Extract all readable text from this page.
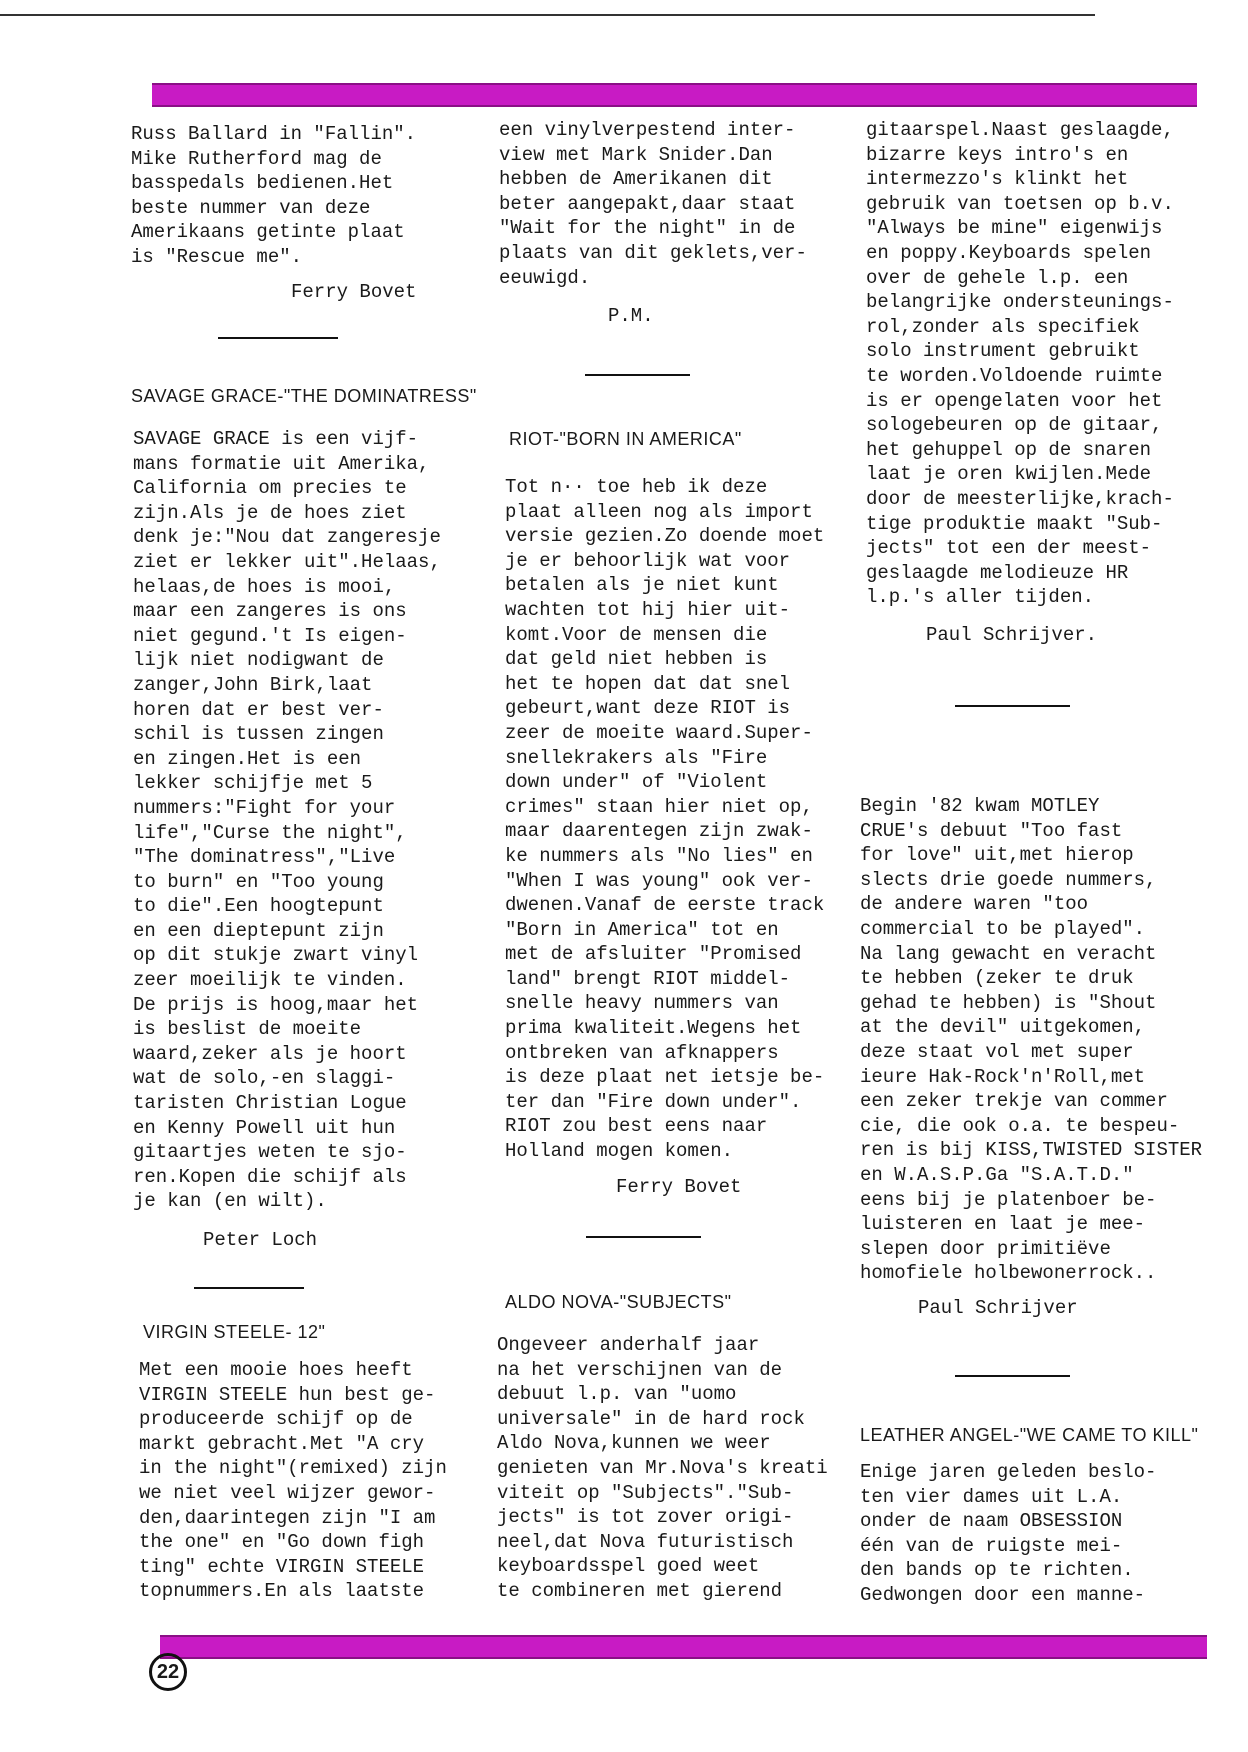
Russ Ballard in "Fallin".
Mike Rutherford mag de
basspedals bedienen.Het
beste nummer van deze
Amerikaans getinte plaat
is "Rescue me".
Ferry Bovet
SAVAGE GRACE-"THE DOMINATRESS"
SAVAGE GRACE is een vijf-
mans formatie uit Amerika,
California om precies te
zijn.Als je de hoes ziet
denk je:"Nou dat zangeresje
ziet er lekker uit".Helaas,
helaas,de hoes is mooi,
maar een zangeres is ons
niet gegund.'t Is eigen-
lijk niet nodigwant de
zanger,John Birk,laat
horen dat er best ver-
schil is tussen zingen
en zingen.Het is een
lekker schijfje met 5
nummers:"Fight for your
life","Curse the night",
"The dominatress","Live
to burn" en "Too young
to die".Een hoogtepunt
en een dieptepunt zijn
op dit stukje zwart vinyl
zeer moeilijk te vinden.
De prijs is hoog,maar het
is beslist de moeite
waard,zeker als je hoort
wat de solo,-en slaggi-
taristen Christian Logue
en Kenny Powell uit hun
gitaartjes weten te sjo-
ren.Kopen die schijf als
je kan (en wilt).
Peter Loch
VIRGIN STEELE- 12"
Met een mooie hoes heeft
VIRGIN STEELE hun best ge-
produceerde schijf op de
markt gebracht.Met "A cry
in the night"(remixed) zijn
we niet veel wijzer gewor-
den,daarintegen zijn "I am
the one" en "Go down figh
ting" echte VIRGIN STEELE
topnummers.En als laatste
een vinylverpestend inter-
view met Mark Snider.Dan
hebben de Amerikanen dit
beter aangepakt,daar staat
"Wait for the night" in de
plaats van dit geklets,ver-
eeuwigd.
P.M.
RIOT-"BORN IN AMERICA"
Tot n·· toe heb ik deze
plaat alleen nog als import
versie gezien.Zo doende moet
je er behoorlijk wat voor
betalen als je niet kunt
wachten tot hij hier uit-
komt.Voor de mensen die
dat geld niet hebben is
het te hopen dat dat snel
gebeurt,want deze RIOT is
zeer de moeite waard.Super-
snellekrakers als "Fire
down under" of "Violent
crimes" staan hier niet op,
maar daarentegen zijn zwak-
ke nummers als "No lies" en
"When I was young" ook ver-
dwenen.Vanaf de eerste track
"Born in America" tot en
met de afsluiter "Promised
land" brengt RIOT middel-
snelle heavy nummers van
prima kwaliteit.Wegens het
ontbreken van afknappers
is deze plaat net ietsje be-
ter dan "Fire down under".
RIOT zou best eens naar
Holland mogen komen.
Ferry Bovet
ALDO NOVA-"SUBJECTS"
Ongeveer anderhalf jaar
na het verschijnen van de
debuut l.p. van "uomo
universale" in de hard rock
Aldo Nova,kunnen we weer
genieten van Mr.Nova's kreati
viteit op "Subjects"."Sub-
jects" is tot zover origi-
neel,dat Nova futuristisch
keyboardsspel goed weet
te combineren met gierend
gitaarspel.Naast geslaagde,
bizarre keys intro's en
intermezzo's klinkt het
gebruik van toetsen op b.v.
"Always be mine" eigenwijs
en poppy.Keyboards spelen
over de gehele l.p. een
belangrijke ondersteunings-
rol,zonder als specifiek
solo instrument gebruikt
te worden.Voldoende ruimte
is er opengelaten voor het
sologebeuren op de gitaar,
het gehuppel op de snaren
laat je oren kwijlen.Mede
door de meesterlijke,krach-
tige produktie maakt "Sub-
jects" tot een der meest-
geslaagde melodieuze HR
l.p.'s aller tijden.
Paul Schrijver.
Begin '82 kwam MOTLEY
CRUE's debuut "Too fast
for love" uit,met hierop
slects drie goede nummers,
de andere waren "too
commercial to be played".
Na lang gewacht en veracht
te hebben (zeker te druk
gehad te hebben) is "Shout
at the devil" uitgekomen,
deze staat vol met super
ieure Hak-Rock'n'Roll,met
een zeker trekje van commer
cie, die ook o.a. te bespeu-
ren is bij KISS,TWISTED SISTER
en W.A.S.P.Ga "S.A.T.D."
eens bij je platenboer be-
luisteren en laat je mee-
slepen door primitiëve
homofiele holbewonerrock..
Paul Schrijver
LEATHER ANGEL-"WE CAME TO KILL"
Enige jaren geleden beslo-
ten vier dames uit L.A.
onder de naam OBSESSION
één van de ruigste mei-
den bands op te richten.
Gedwongen door een manne-
22
